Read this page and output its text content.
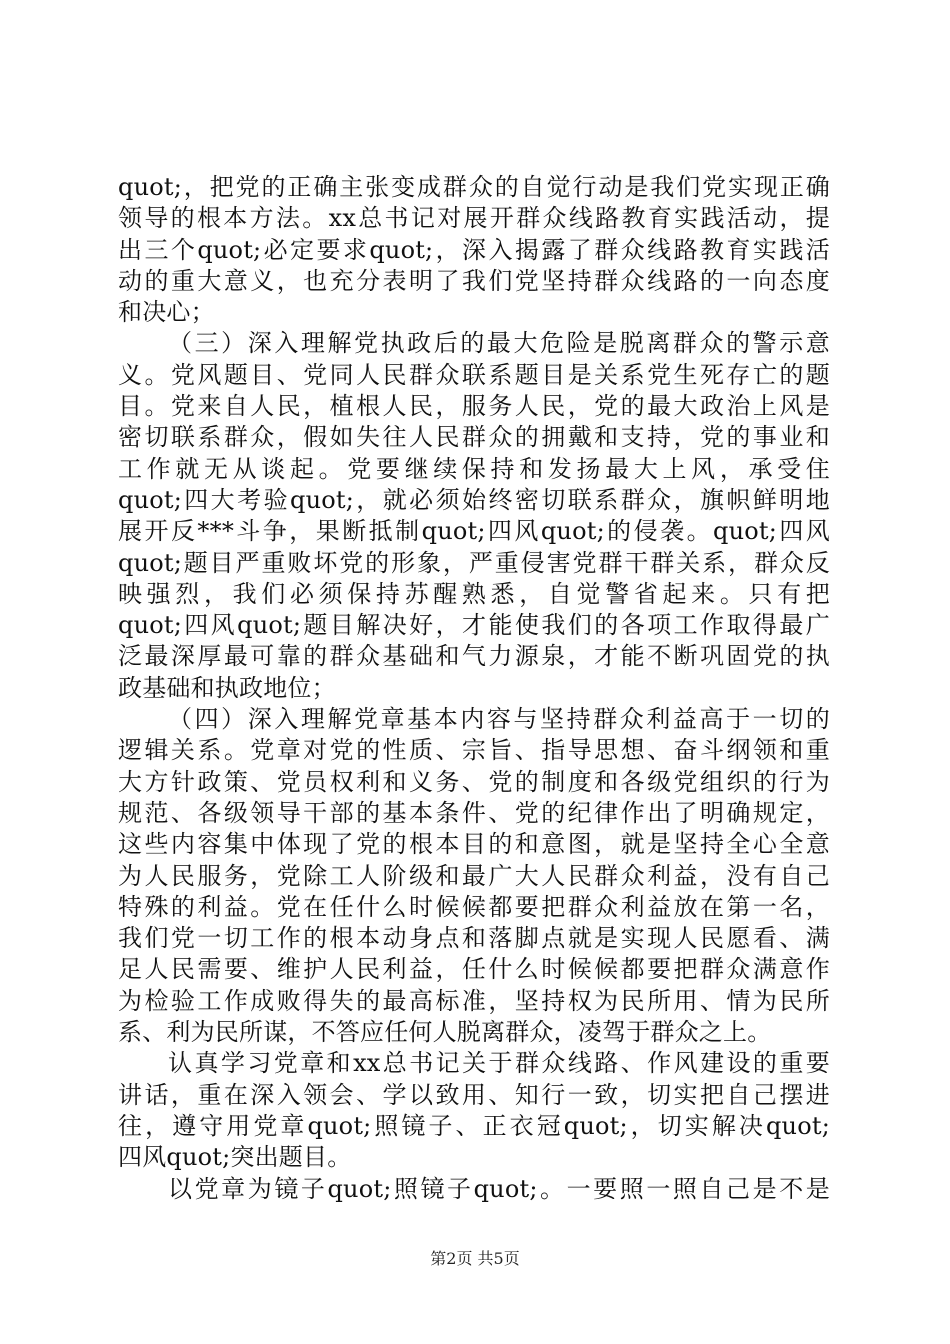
quot;，把党的正确主张变成群众的自觉行动是我们党实现正确
领导的根本方法。xx总书记对展开群众线路教育实践活动，提
出三个quot;必定要求quot;，深入揭露了群众线路教育实践活
动的重大意义，也充分表明了我们党坚持群众线路的一向态度
和决心；
（三）深入理解党执政后的最大危险是脱离群众的警示意
义。党风题目、党同人民群众联系题目是关系党生死存亡的题
目。党来自人民，植根人民，服务人民，党的最大政治上风是
密切联系群众，假如失往人民群众的拥戴和支持，党的事业和
工作就无从谈起。党要继续保持和发扬最大上风，承受住
quot;四大考验quot;，就必须始终密切联系群众，旗帜鲜明地
展开反***斗争，果断抵制quot;四风quot;的侵袭。quot;四风
quot;题目严重败坏党的形象，严重侵害党群干群关系，群众反
映强烈，我们必须保持苏醒熟悉，自觉警省起来。只有把
quot;四风quot;题目解决好，才能使我们的各项工作取得最广
泛最深厚最可靠的群众基础和气力源泉，才能不断巩固党的执
政基础和执政地位；
（四）深入理解党章基本内容与坚持群众利益高于一切的
逻辑关系。党章对党的性质、宗旨、指导思想、奋斗纲领和重
大方针政策、党员权利和义务、党的制度和各级党组织的行为
规范、各级领导干部的基本条件、党的纪律作出了明确规定，
这些内容集中体现了党的根本目的和意图，就是坚持全心全意
为人民服务，党除工人阶级和最广大人民群众利益，没有自己
特殊的利益。党在任什么时候候都要把群众利益放在第一名，
我们党一切工作的根本动身点和落脚点就是实现人民愿看、满
足人民需要、维护人民利益，任什么时候候都要把群众满意作
为检验工作成败得失的最高标准，坚持权为民所用、情为民所
系、利为民所谋，不答应任何人脱离群众，凌驾于群众之上。
认真学习党章和xx总书记关于群众线路、作风建设的重要
讲话，重在深入领会、学以致用、知行一致，切实把自己摆进
往，遵守用党章quot;照镜子、正衣冠quot;，切实解决quot;
四风quot;突出题目。
以党章为镜子quot;照镜子quot;。一要照一照自己是不是
第2页 共5页
